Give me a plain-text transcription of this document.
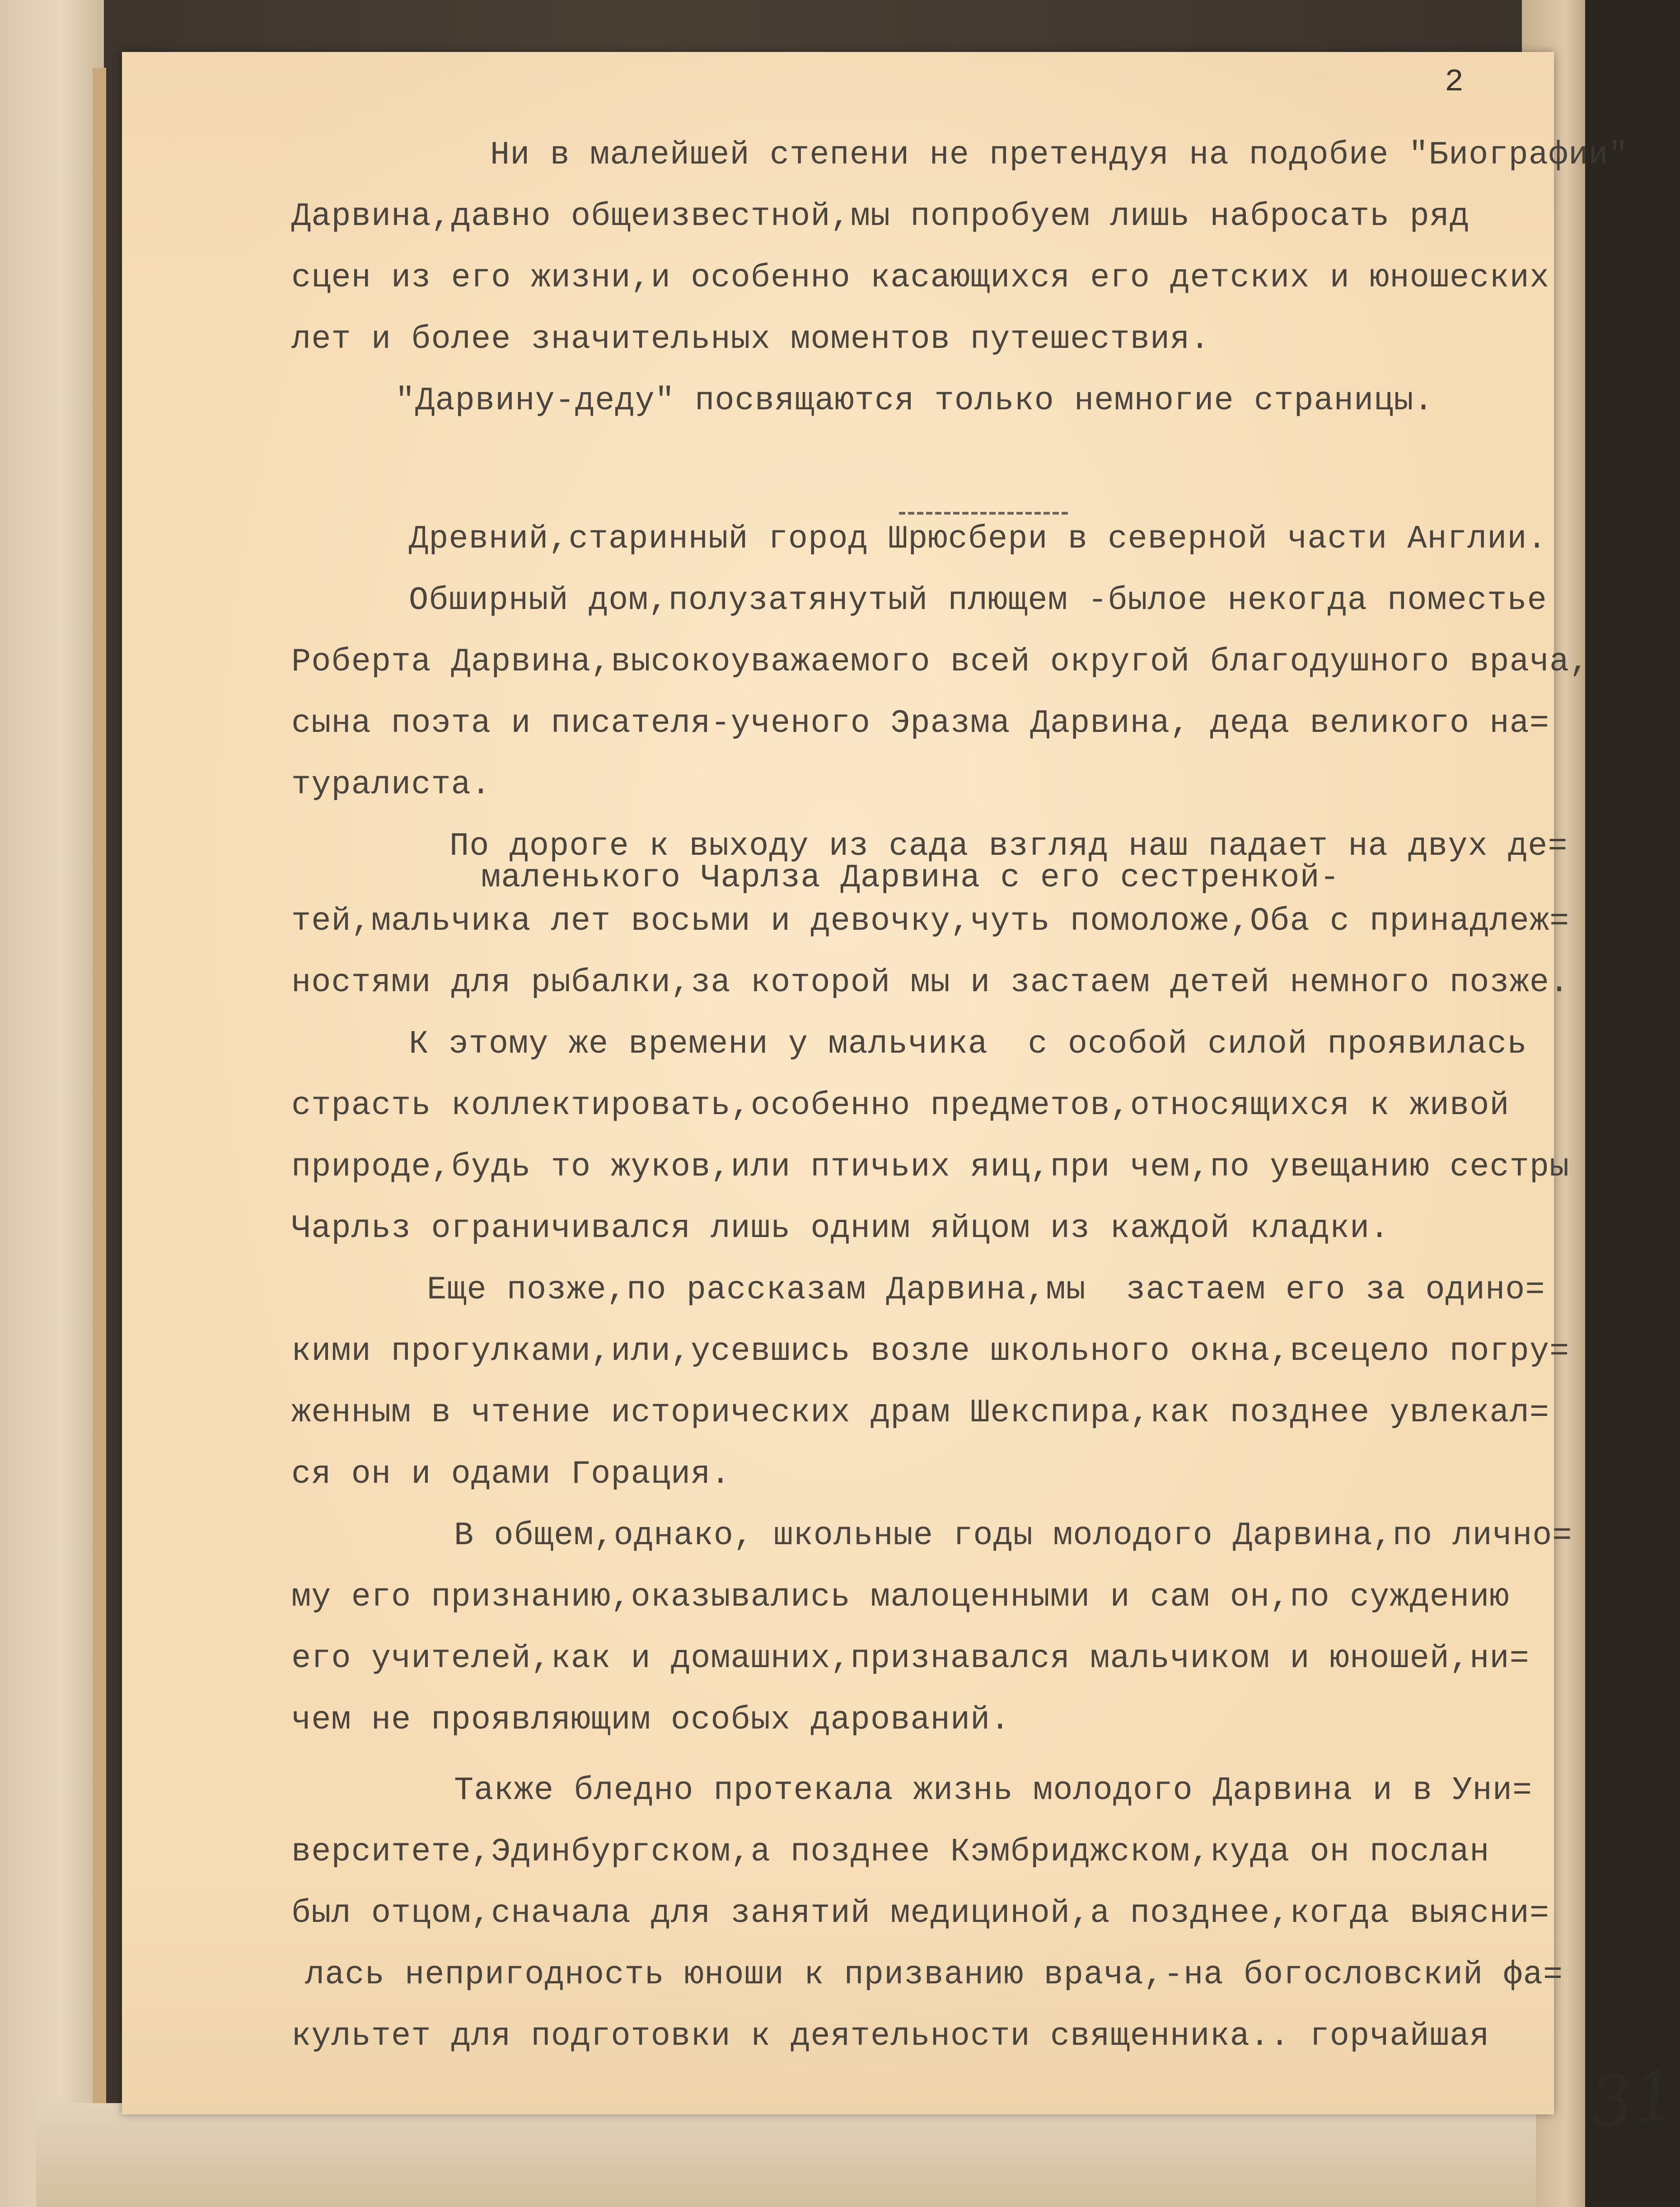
2
Ни в малейшей степени не претендуя на подобие "Биографии"
Дарвина,давно общеизвестной,мы попробуем лишь набросать ряд
сцен из его жизни,и особенно касающихся его детских и юношеских
лет и более значительных моментов путешествия.
"Дарвину-деду" посвящаются только немногие страницы.
Древний,старинный город Шрюсбери в северной части Англии.
Обширный дом,полузатянутый плющем -былое некогда поместье
Роберта Дарвина,высокоуважаемого всей округой благодушного врача,
сына поэта и писателя-ученого Эразма Дарвина, деда великого на=
туралиста.
По дороге к выходу из сада взгляд наш падает на двух де=
маленького Чарлза Дарвина с его сестренкой-
тей,мальчика лет восьми и девочку,чуть помоложе,Оба с принадлеж=
ностями для рыбалки,за которой мы и застаем детей немного позже.
К этому же времени у мальчика  с особой силой проявилась
страсть коллектировать,особенно предметов,относящихся к живой
природе,будь то жуков,или птичьих яиц,при чем,по увещанию сестры
Чарльз ограничивался лишь одним яйцом из каждой кладки.
Еще позже,по рассказам Дарвина,мы  застаем его за одино=
кими прогулками,или,усевшись возле школьного окна,всецело погру=
женным в чтение исторических драм Шекспира,как позднее увлекал=
ся он и одами Горация.
В общем,однако, школьные годы молодого Дарвина,по лично=
му его признанию,оказывались малоценными и сам он,по суждению
его учителей,как и домашних,признавался мальчиком и юношей,ни=
чем не проявляющим особых дарований.
Также бледно протекала жизнь молодого Дарвина и в Уни=
верситете,Эдинбургском,а позднее Кэмбриджском,куда он послан
был отцом,сначала для занятий медициной,а позднее,когда выясни=
лась непригодность юноши к призванию врача,-на богословский фа=
культет для подготовки к деятельности священника.. горчайшая
31
